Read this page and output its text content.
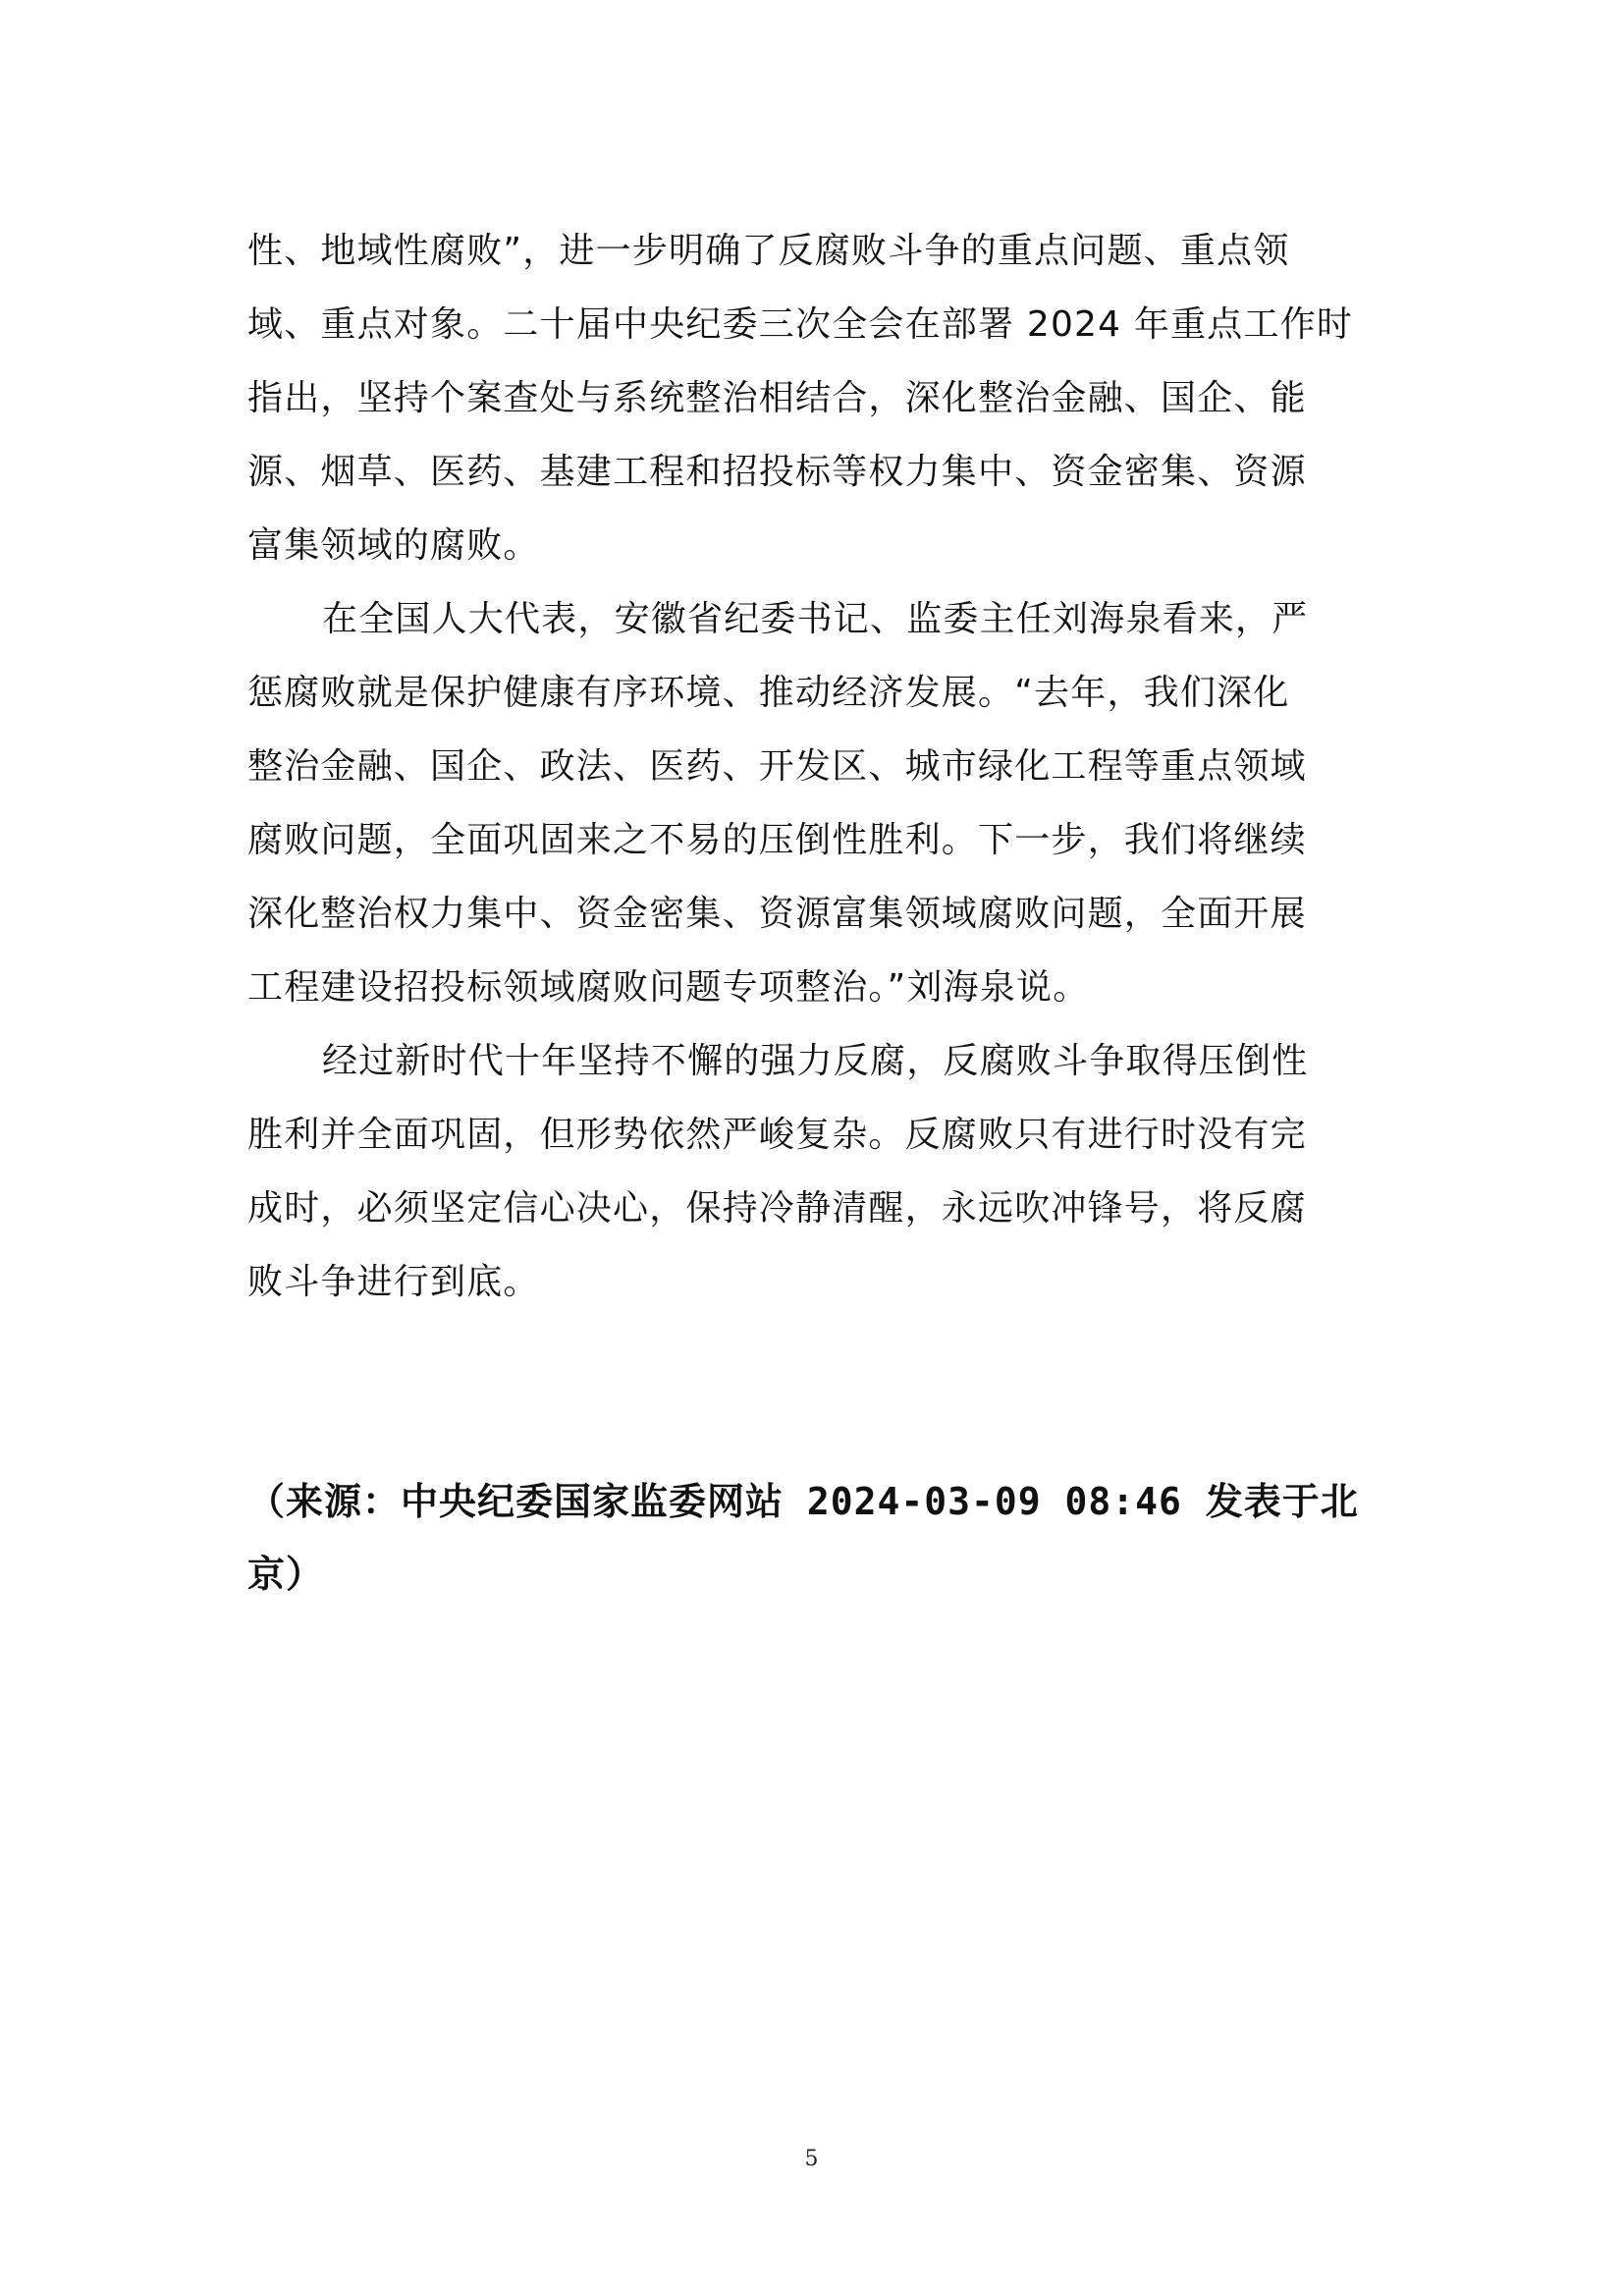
性、地域性腐败”，进一步明确了反腐败斗争的重点问题、重点领
域、重点对象。二十届中央纪委三次全会在部署 2024 年重点工作时
指出，坚持个案查处与系统整治相结合，深化整治金融、国企、能
源、烟草、医药、基建工程和招投标等权力集中、资金密集、资源
富集领域的腐败。
在全国人大代表，安徽省纪委书记、监委主任刘海泉看来，严
惩腐败就是保护健康有序环境、推动经济发展。“去年，我们深化
整治金融、国企、政法、医药、开发区、城市绿化工程等重点领域
腐败问题，全面巩固来之不易的压倒性胜利。下一步，我们将继续
深化整治权力集中、资金密集、资源富集领域腐败问题，全面开展
工程建设招投标领域腐败问题专项整治。”刘海泉说。
经过新时代十年坚持不懈的强力反腐，反腐败斗争取得压倒性
胜利并全面巩固，但形势依然严峻复杂。反腐败只有进行时没有完
成时，必须坚定信心决心，保持冷静清醒，永远吹冲锋号，将反腐
败斗争进行到底。
（来源：中央纪委国家监委网站 2024-03-09 08:46 发表于北
京）
5
